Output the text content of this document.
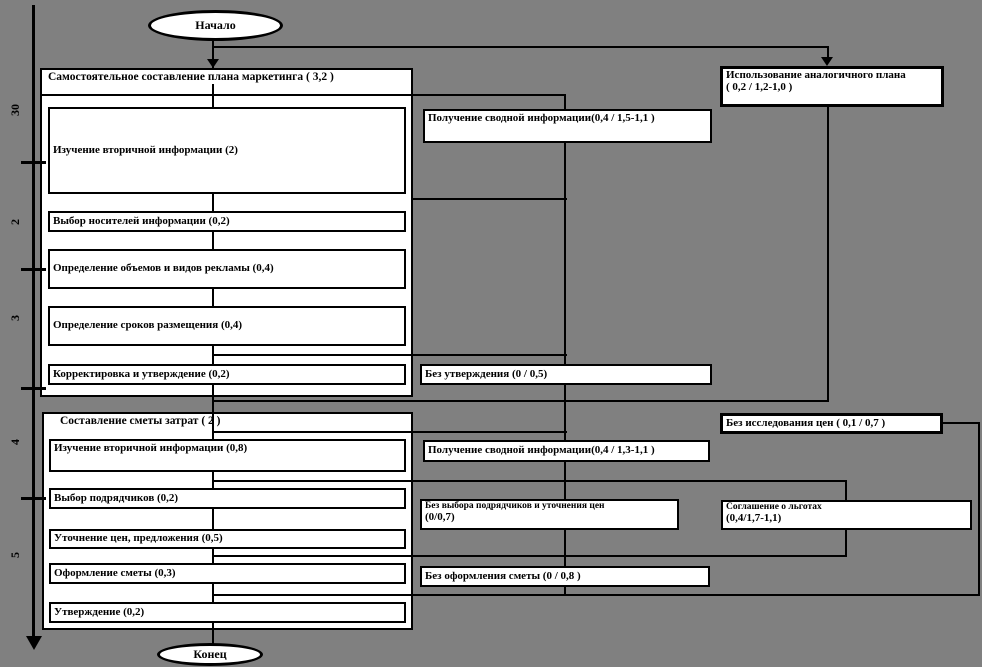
30
2
3
4
5
Самостоятельное составление плана маркетинга ( 3,2 )
Составление сметы затрат ( 2 )
Изучение вторичной информации (2)
Выбор носителей информации (0,2)
Определение объемов и видов рекламы (0,4)
Определение сроков размещения (0,4)
Корректировка и утверждение (0,2)
Изучение вторичной информации (0,8)
Выбор подрядчиков (0,2)
Уточнение цен, предложения (0,5)
Оформление сметы (0,3)
Утверждение (0,2)
Получение сводной информации(0,4 / 1,5-1,1 )
Использование аналогичного плана
( 0,2 / 1,2-1,0 )
Без утверждения (0 / 0,5)
Без исследования цен ( 0,1 / 0,7 )
Получение сводной информации(0,4 / 1,3-1,1 )
Без выбора подрядчиков и уточнения цен
(0/0,7)
Соглашение о льготах
(0,4/1,7-1,1)
Без оформления сметы (0 / 0,8 )
Начало
Конец
